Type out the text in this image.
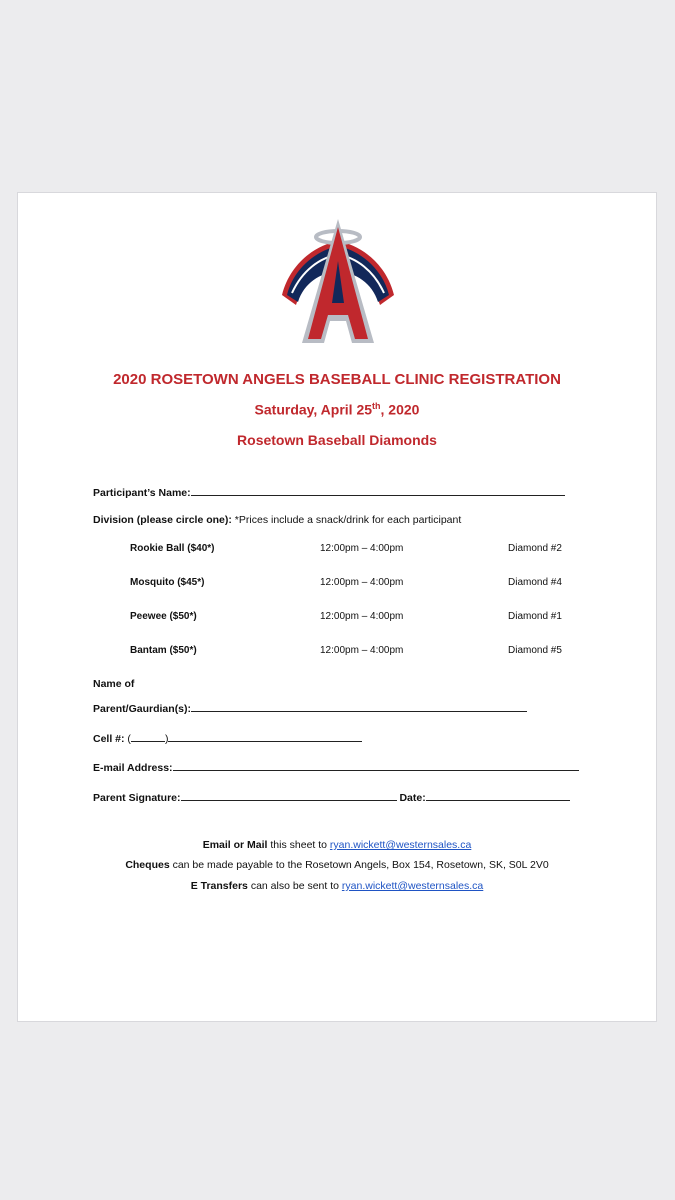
2020 ROSETOWN ANGELS BASEBALL CLINIC REGISTRATION
Saturday, April 25th, 2020
Rosetown Baseball Diamonds
Participant’s Name:
Division (please circle one): *Prices include a snack/drink for each participant
Rookie Ball ($40*)	12:00pm – 4:00pm	Diamond #2
Mosquito ($45*)	12:00pm – 4:00pm	Diamond #4
Peewee ($50*)	12:00pm – 4:00pm	Diamond #1
Bantam ($50*)	12:00pm – 4:00pm	Diamond #5
Name of
Parent/Gaurdian(s):
Cell #: (	)
E-mail Address:
Parent Signature:	Date:
Email or Mail this sheet to ryan.wickett@westernsales.ca
Cheques can be made payable to the Rosetown Angels, Box 154, Rosetown, SK, S0L 2V0
E Transfers can also be sent to ryan.wickett@westernsales.ca
